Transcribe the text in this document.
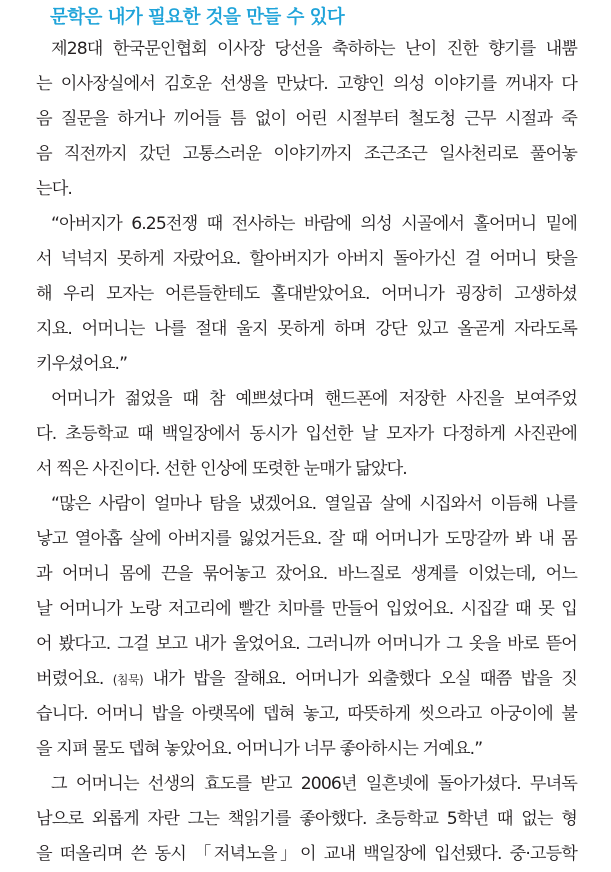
문학은 내가 필요한 것을 만들 수 있다
제28대 한국문인협회 이사장 당선을 축하하는 난이 진한 향기를 내뿜
는 이사장실에서 김호운 선생을 만났다. 고향인 의성 이야기를 꺼내자 다
음 질문을 하거나 끼어들 틈 없이 어린 시절부터 철도청 근무 시절과 죽
음 직전까지 갔던 고통스러운 이야기까지 조근조근 일사천리로 풀어놓
는다.
“아버지가 6.25전쟁 때 전사하는 바람에 의성 시골에서 홀어머니 밑에
서 넉넉지 못하게 자랐어요. 할아버지가 아버지 돌아가신 걸 어머니 탓을
해 우리 모자는 어른들한테도 홀대받았어요. 어머니가 굉장히 고생하셨
지요. 어머니는 나를 절대 울지 못하게 하며 강단 있고 올곧게 자라도록
키우셨어요.”
어머니가 젊었을 때 참 예쁘셨다며 핸드폰에 저장한 사진을 보여주었
다. 초등학교 때 백일장에서 동시가 입선한 날 모자가 다정하게 사진관에
서 찍은 사진이다. 선한 인상에 또렷한 눈매가 닮았다.
“많은 사람이 얼마나 탐을 냈겠어요. 열일곱 살에 시집와서 이듬해 나를
낳고 열아홉 살에 아버지를 잃었거든요. 잘 때 어머니가 도망갈까 봐 내 몸
과 어머니 몸에 끈을 묶어놓고 잤어요. 바느질로 생계를 이었는데, 어느
날 어머니가 노랑 저고리에 빨간 치마를 만들어 입었어요. 시집갈 때 못 입
어 봤다고. 그걸 보고 내가 울었어요. 그러니까 어머니가 그 옷을 바로 뜯어
버렸어요. (침묵) 내가 밥을 잘해요. 어머니가 외출했다 오실 때쯤 밥을 짓
습니다. 어머니 밥을 아랫목에 뎁혀 놓고, 따뜻하게 씻으라고 아궁이에 불
을 지펴 물도 뎁혀 놓았어요. 어머니가 너무 좋아하시는 거예요.”
그 어머니는 선생의 효도를 받고 2006년 일흔넷에 돌아가셨다. 무녀독
남으로 외롭게 자란 그는 책읽기를 좋아했다. 초등학교 5학년 때 없는 형
을 떠올리며 쓴 동시 「저녁노을」이 교내 백일장에 입선됐다. 중·고등학
